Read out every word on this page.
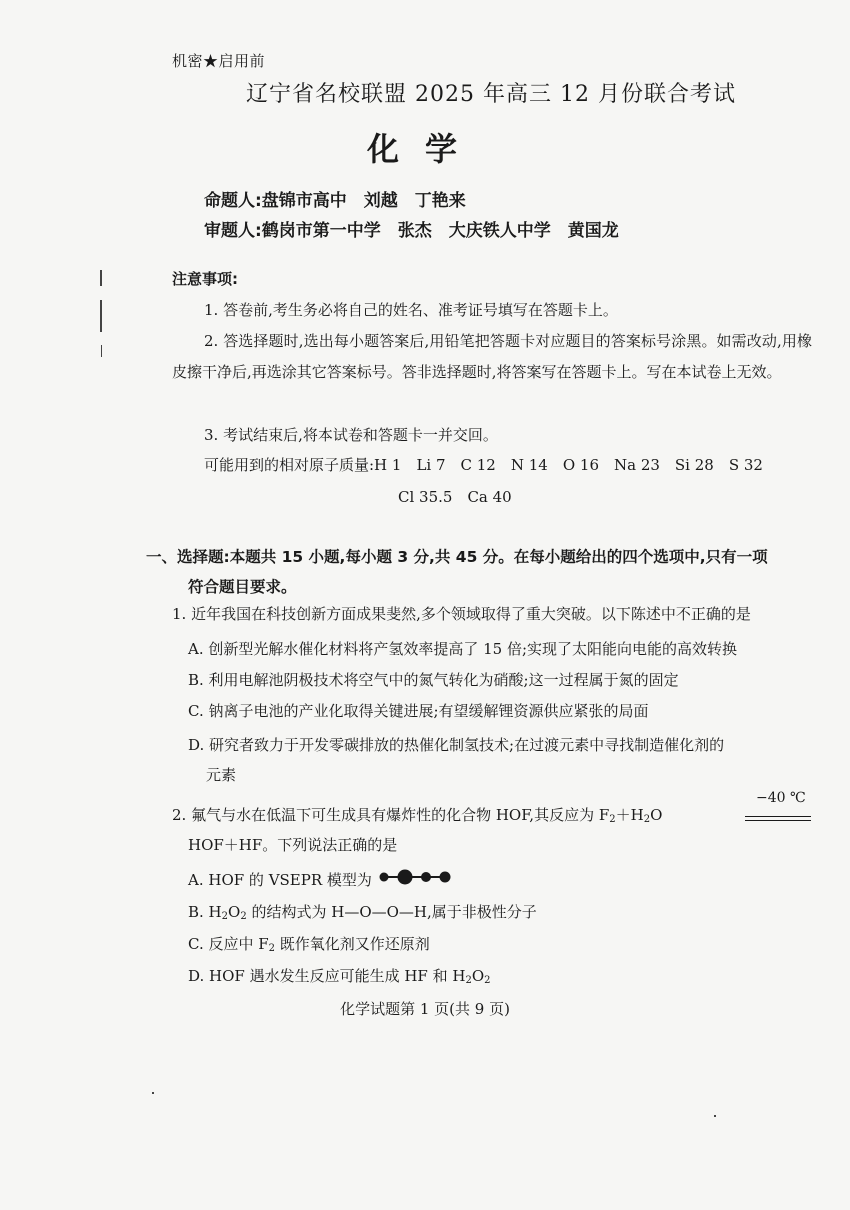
机密★启用前
辽宁省名校联盟 2025 年高三 12 月份联合考试
化学
命题人:盘锦市高中　刘越　丁艳来
审题人:鹤岗市第一中学　张杰　大庆铁人中学　黄国龙
注意事项:
1. 答卷前,考生务必将自己的姓名、准考证号填写在答题卡上。
2. 答选择题时,选出每小题答案后,用铅笔把答题卡对应题目的答案标号涂黑。如需改动,用橡皮擦干净后,再选涂其它答案标号。答非选择题时,将答案写在答题卡上。写在本试卷上无效。
3. 考试结束后,将本试卷和答题卡一并交回。
可能用到的相对原子质量:H 1　Li 7　C 12　N 14　O 16　Na 23　Si 28　S 32
Cl 35.5　Ca 40
一、选择题:本题共 15 小题,每小题 3 分,共 45 分。在每小题给出的四个选项中,只有一项
符合题目要求。
1. 近年我国在科技创新方面成果斐然,多个领域取得了重大突破。以下陈述中不正确的是
A. 创新型光解水催化材料将产氢效率提高了 15 倍;实现了太阳能向电能的高效转换
B. 利用电解池阴极技术将空气中的氮气转化为硝酸;这一过程属于氮的固定
C. 钠离子电池的产业化取得关键进展;有望缓解锂资源供应紧张的局面
D. 研究者致力于开发零碳排放的热催化制氢技术;在过渡元素中寻找制造催化剂的
元素
2. 氟气与水在低温下可生成具有爆炸性的化合物 HOF,其反应为 $F_2+H_2O$
−40 ℃
HOF＋HF。下列说法正确的是
A. HOF 的 VSEPR 模型为
B. $H_2O_2$ 的结构式为 H—O—O—H,属于非极性分子
C. 反应中 $F_2$ 既作氧化剂又作还原剂
D. HOF 遇水发生反应可能生成 HF 和 $H_2O_2$
化学试题第 1 页(共 9 页)
